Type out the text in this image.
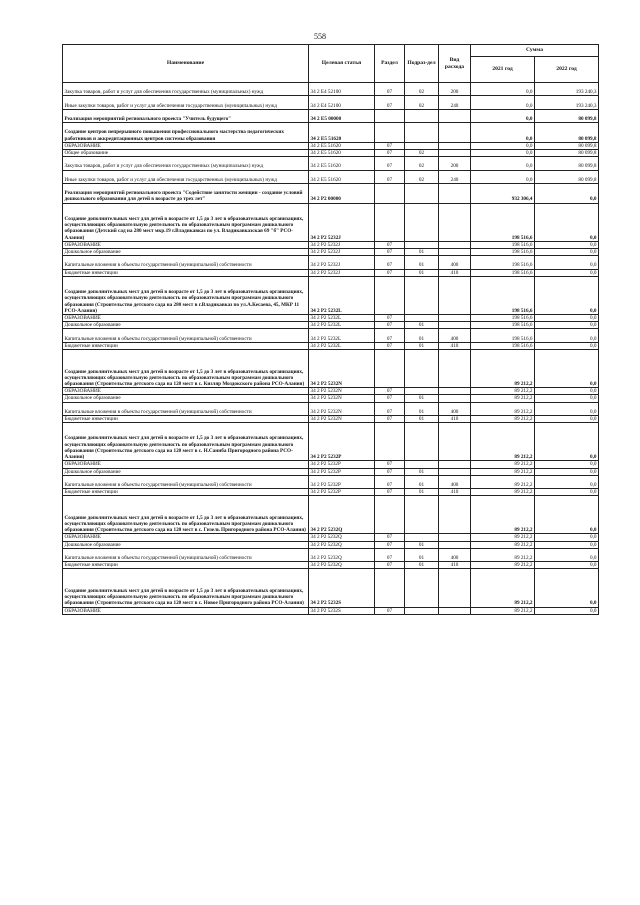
558
Наименование	Целевая статья	Раздел	Подраз-дел	Вид расхода	Сумма	
					2021 год	2022 год
Закупка товаров, работ и услуг для обеспечения государственных (муниципальных) нужд	34 2 Е4 52100	07	02	200	0,0	193 240,3
Иные закупки товаров, работ и услуг для обеспечения государственных (муниципальных) нужд	34 2 Е4 52100	07	02	240	0,0	193 240,3
Реализация мероприятий регионального проекта "Учитель будущего"	34 2 Е5 00000				0,0	80 099,8
Создание центров непрерывного повышения профессионального мастерства педагогических работников и аккредитационных центров системы образования	34 2 Е5 51620				0,0	80 099,8
ОБРАЗОВАНИЕ	34 2 Е5 51620	07			0,0	80 099,8
Общее образование	34 2 Е5 51620	07	02		0,0	80 099,8
Закупка товаров, работ и услуг для обеспечения государственных (муниципальных) нужд	34 2 Е5 51620	07	02	200	0,0	80 099,8
Иные закупки товаров, работ и услуг для обеспечения государственных (муниципальных) нужд	34 2 Е5 51620	07	02	240	0,0	80 099,8
Реализация мероприятий регионального проекта "Содействие занятости женщин - создание условий дошкольного образования для детей в возрасте до трех лет"	34 2 Р2 00000				932 306,4	0,0
Создание дополнительных мест для детей в возрасте от 1,5 до 3 лет в образовательных организациях, осуществляющих образовательную деятельность по образовательным программам дошкольного образования (Детский сад на 280 мест мкр.19 г.Владикавказ по ул. Владикавказская 69 "б" РСО-Алания)	34 2 Р2 5232J				198 516,6	0,0
ОБРАЗОВАНИЕ	34 2 Р2 5232J	07			198 516,6	0,0
Дошкольное образование	34 2 Р2 5232J	07	01		198 516,6	0,0
Капитальные вложения в объекты государственной (муниципальной) собственности	34 2 Р2 5232J	07	01	400	198 516,6	0,0
Бюджетные инвестиции	34 2 Р2 5232J	07	01	410	198 516,6	0,0
Создание дополнительных мест для детей в возрасте от 1,5 до 3 лет в образовательных организациях, осуществляющих образовательную деятельность по образовательным программам дошкольного образования (Строительство детского сада на 280 мест в г.Владикавказ по ул.А.Кесаева, 45, МКР 11 РСО-Алания)	34 2 Р2 5232L				198 516,6	0,0
ОБРАЗОВАНИЕ	34 2 Р2 5232L	07			198 516,6	0,0
Дошкольное образование	34 2 Р2 5232L	07	01		198 516,6	0,0
Капитальные вложения в объекты государственной (муниципальной) собственности	34 2 Р2 5232L	07	01	400	198 516,6	0,0
Бюджетные инвестиции	34 2 Р2 5232L	07	01	410	198 516,6	0,0
Создание дополнительных мест для детей в возрасте от 1,5 до 3 лет в образовательных организациях, осуществляющих образовательную деятельность по образовательным программам дошкольного образования (Строительство детского сада на 120 мест в с. Кизляр Моздокского района РСО-Алания)	34 2 Р2 5232N				89 212,2	0,0
ОБРАЗОВАНИЕ	34 2 Р2 5232N	07			89 212,2	0,0
Дошкольное образование	34 2 Р2 5232N	07	01		89 212,2	0,0
Капитальные вложения в объекты государственной (муниципальной) собственности	34 2 Р2 5232N	07	01	400	89 212,2	0,0
Бюджетные инвестиции	34 2 Р2 5232N	07	01	410	89 212,2	0,0
Создание дополнительных мест для детей в возрасте от 1,5 до 3 лет в образовательных организациях, осуществляющих образовательную деятельность по образовательным программам дошкольного образования (Строительство детского сада на 120 мест в с. Н.Саниба Пригородного района РСО-Алания)	34 2 Р2 5232P				89 212,2	0,0
ОБРАЗОВАНИЕ	34 2 Р2 5232P	07			89 212,2	0,0
Дошкольное образование	34 2 Р2 5232P	07	01		89 212,2	0,0
Капитальные вложения в объекты государственной (муниципальной) собственности	34 2 Р2 5232P	07	01	400	89 212,2	0,0
Бюджетные инвестиции	34 2 Р2 5232P	07	01	410	89 212,2	0,0
Создание дополнительных мест для детей в возрасте от 1,5 до 3 лет в образовательных организациях, осуществляющих образовательную деятельность по образовательным программам дошкольного образования (Строительство детского сада на 120 мест в с. Гизель Пригородного района РСО-Алания)	34 2 Р2 5232Q				89 212,2	0,0
ОБРАЗОВАНИЕ	34 2 Р2 5232Q	07			89 212,2	0,0
Дошкольное образование	34 2 Р2 5232Q	07	01		89 212,2	0,0
Капитальные вложения в объекты государственной (муниципальной) собственности	34 2 Р2 5232Q	07	01	400	89 212,2	0,0
Бюджетные инвестиции	34 2 Р2 5232Q	07	01	410	89 212,2	0,0
Создание дополнительных мест для детей в возрасте от 1,5 до 3 лет в образовательных организациях, осуществляющих образовательную деятельность по образовательным программам дошкольного образования (Строительство детского сада на 120 мест в с. Новое Пригородного района РСО-Алания)	34 2 Р2 5232S				89 212,2	0,0
ОБРАЗОВАНИЕ	34 2 Р2 5232S	07			89 212,2	0,0
